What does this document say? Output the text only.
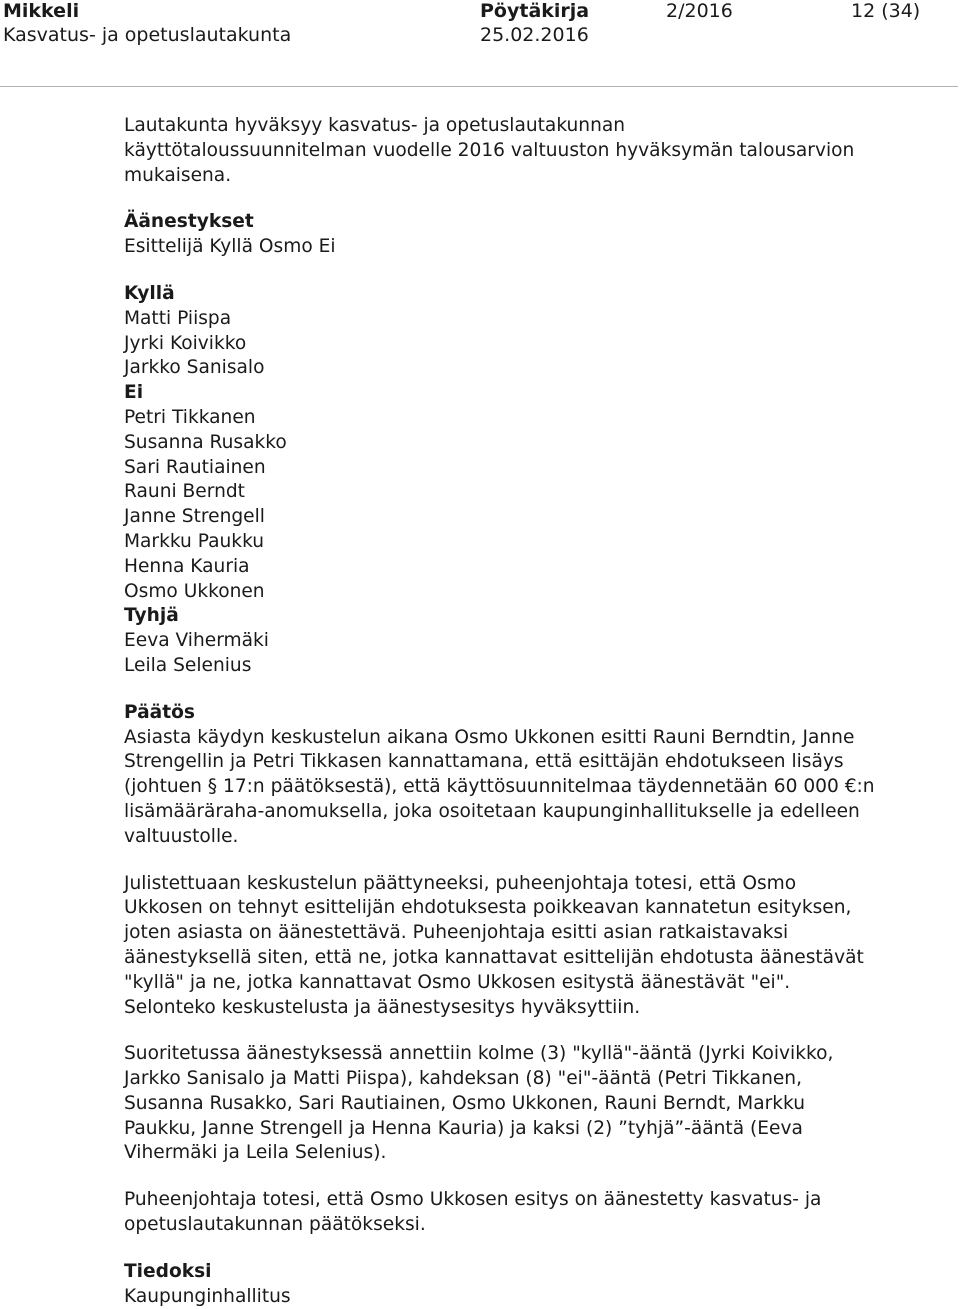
Mikkeli	Pöytäkirja	2/2016	12 (34)
Kasvatus- ja opetuslautakunta	25.02.2016

Lautakunta hyväksyy kasvatus- ja opetuslautakunnan
käyttötaloussuunnitelman vuodelle 2016 valtuuston hyväksymän talousarvion
mukaisena.

Äänestykset
Esittelijä Kyllä Osmo Ei
Kyllä
Matti Piispa
Jyrki Koivikko
Jarkko Sanisalo
Ei
Petri Tikkanen
Susanna Rusakko
Sari Rautiainen
Rauni Berndt
Janne Strengell
Markku Paukku
Henna Kauria
Osmo Ukkonen
Tyhjä
Eeva Vihermäki
Leila Selenius
Päätös

Asiasta käydyn keskustelun aikana Osmo Ukkonen esitti Rauni Berndtin, Janne
Strengellin ja Petri Tikkasen kannattamana, että esittäjän ehdotukseen lisäys
(johtuen § 17:n päätöksestä), että käyttösuunnitelmaa täydennetään 60 000 €:n
lisämääräraha-anomuksella, joka osoitetaan kaupunginhallitukselle ja edelleen
valtuustolle.

Julistettuaan keskustelun päättyneeksi, puheenjohtaja totesi, että Osmo
Ukkosen on tehnyt esittelijän ehdotuksesta poikkeavan kannatetun esityksen,
joten asiasta on äänestettävä. Puheenjohtaja esitti asian ratkaistavaksi
äänestyksellä siten, että ne, jotka kannattavat esittelijän ehdotusta äänestävät
"kyllä" ja ne, jotka kannattavat Osmo Ukkosen esitystä äänestävät "ei".
Selonteko keskustelusta ja äänestysesitys hyväksyttiin.

Suoritetussa äänestyksessä annettiin kolme (3) "kyllä"-ääntä (Jyrki Koivikko,
Jarkko Sanisalo ja Matti Piispa), kahdeksan (8) "ei"-ääntä (Petri Tikkanen,
Susanna Rusakko, Sari Rautiainen, Osmo Ukkonen, Rauni Berndt, Markku
Paukku, Janne Strengell ja Henna Kauria) ja kaksi (2) ”tyhjä”-ääntä (Eeva
Vihermäki ja Leila Selenius).

Puheenjohtaja totesi, että Osmo Ukkosen esitys on äänestetty kasvatus- ja
opetuslautakunnan päätökseksi.

Tiedoksi
Kaupunginhallitus
